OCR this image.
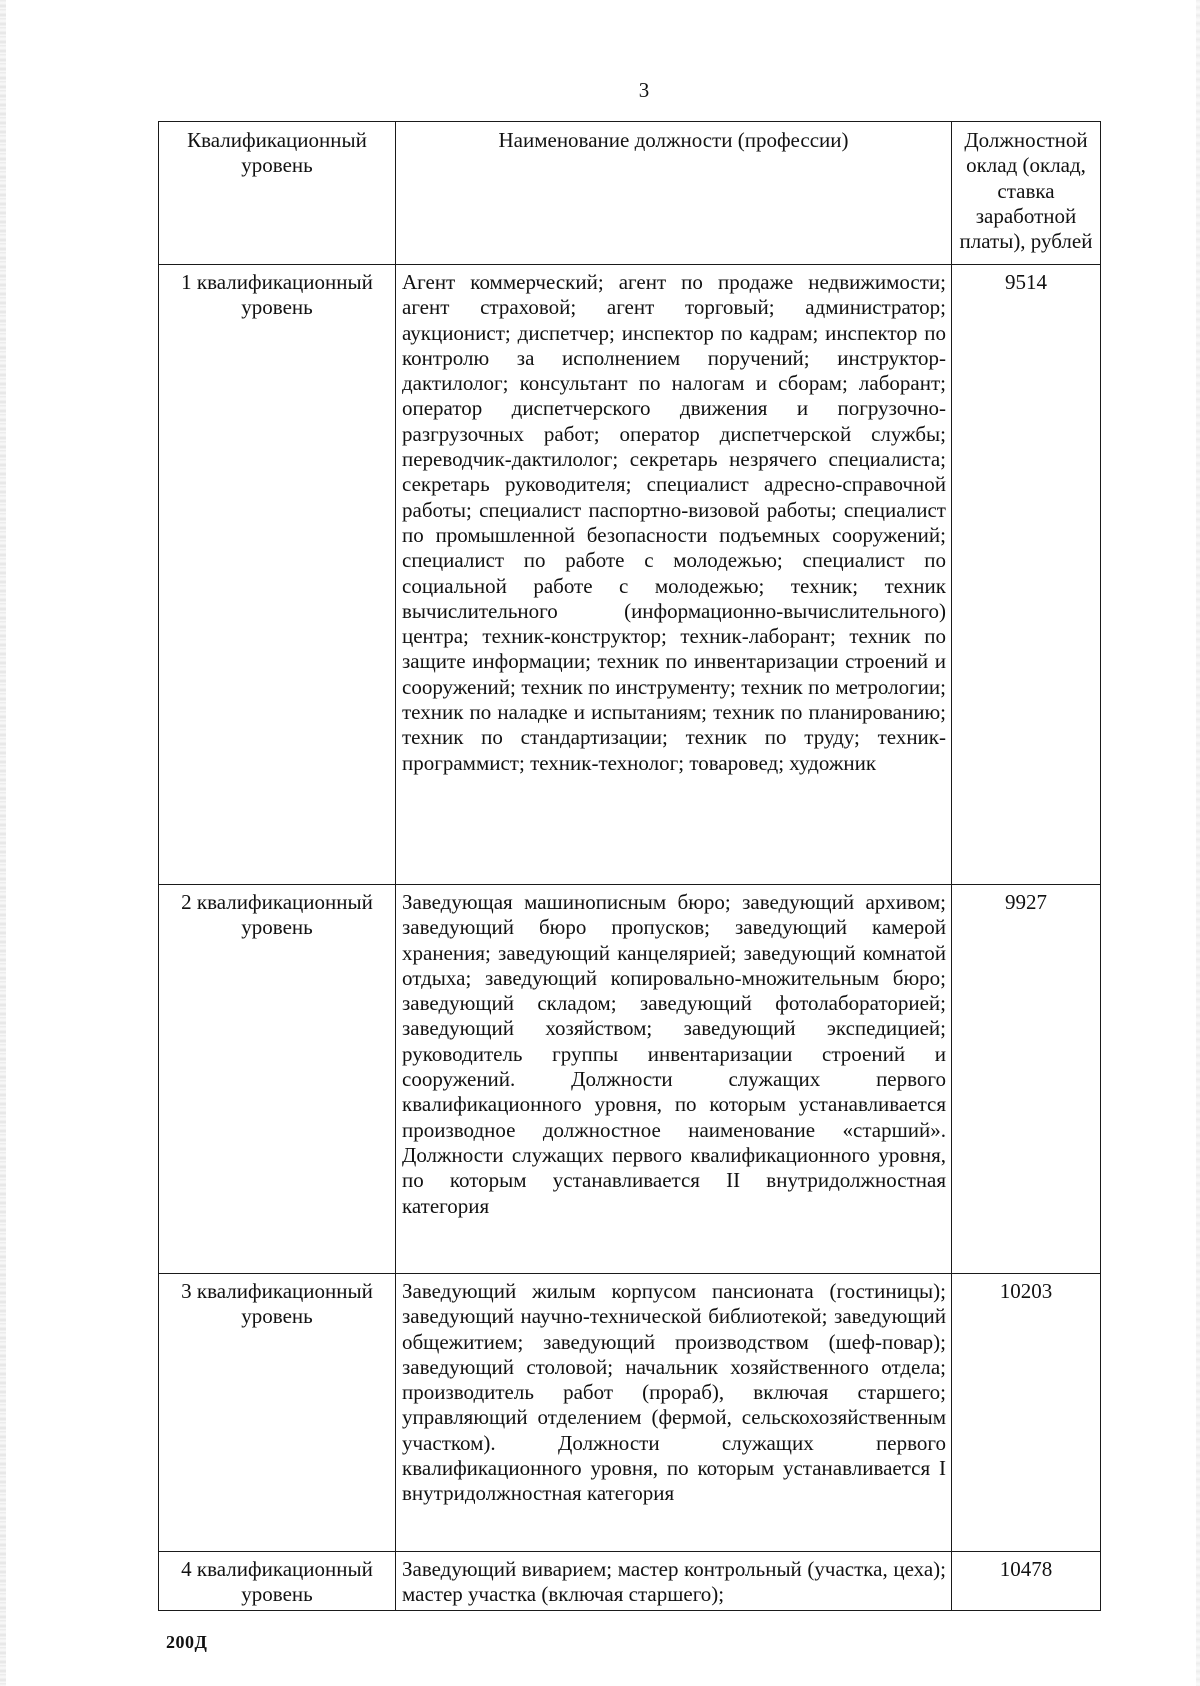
3
Квалификационный уровень	Наименование должности (профессии)	Должностной оклад (оклад, ставка заработной платы), рублей

1 квалификационный уровень	Агент коммерческий; агент по продаже недвижимости; агент страховой; агент торговый; администратор; аукционист; диспетчер; инспектор по кадрам; инспектор по контролю за исполнением поручений; инструктор-дактилолог; консультант по налогам и сборам; лаборант; оператор диспетчерского движения и погрузочно-разгрузочных работ; оператор диспетчерской службы; переводчик-дактилолог; секретарь незрячего специалиста; секретарь руководителя; специалист адресно-справочной работы; специалист паспортно-визовой работы; специалист по промышленной безопасности подъемных сооружений; специалист по работе с молодежью; специалист по социальной работе с молодежью; техник; техник вычислительного (информационно-вычислительного) центра; техник-конструктор; техник-лаборант; техник по защите информации; техник по инвентаризации строений и сооружений; техник по инструменту; техник по метрологии; техник по наладке и испытаниям; техник по планированию; техник по стандартизации; техник по труду; техник-программист; техник-технолог; товаровед; художник	9514

2 квалификационный уровень	Заведующая машинописным бюро; заведующий архивом; заведующий бюро пропусков; заведующий камерой хранения; заведующий канцелярией; заведующий комнатой отдыха; заведующий копировально-множительным бюро; заведующий складом; заведующий фотолабораторией; заведующий хозяйством; заведующий экспедицией; руководитель группы инвентаризации строений и сооружений. Должности служащих первого квалификационного уровня, по которым устанавливается производное должностное наименование «старший». Должности служащих первого квалификационного уровня, по которым устанавливается II внутридолжностная категория	9927

3 квалификационный уровень	Заведующий жилым корпусом пансионата (гостиницы); заведующий научно-технической библиотекой; заведующий общежитием; заведующий производством (шеф-повар); заведующий столовой; начальник хозяйственного отдела; производитель работ (прораб), включая старшего; управляющий отделением (фермой, сельскохозяйственным участком). Должности служащих первого квалификационного уровня, по которым устанавливается I внутридолжностная категория	10203

4 квалификационный уровень	Заведующий виварием; мастер контрольный (участка, цеха); мастер участка (включая старшего);	10478
200Д
